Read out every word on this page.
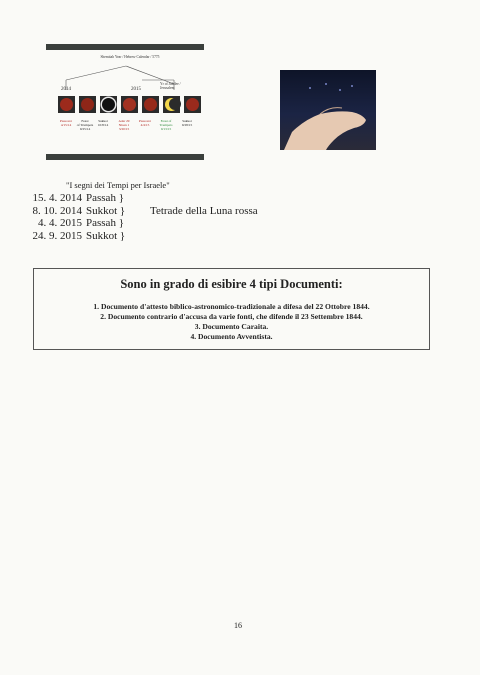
Shemitah Year / Hebrew Calendar / 5775
2014	2015
Yr of Jubilee / Jerusalem
Passover
4/15/14
Feast
of Trumpets
9/25/14
Sukkot
10/8/14
Adar 29
Nisan 1
3/20/15
Passover
4/4/15
Feast of
Trumpets
9/13/15
Sukkot
9/28/15
"I segni dei Tempi per Israele"
15. 4. 2014 Passah }
8. 10. 2014 Sukkot }
4. 4. 2015 Passah }
24. 9. 2015 Sukkot }
Tetrade della Luna rossa
Sono in grado di esibire 4 tipi Documenti:
1. Documento d'attesto biblico-astronomico-tradizionale a difesa del 22 Ottobre 1844.
2. Documento contrario d'accusa da varie fonti, che difende il 23 Settembre 1844.
3. Documento Caraita.
4. Documento Avventista.
16
